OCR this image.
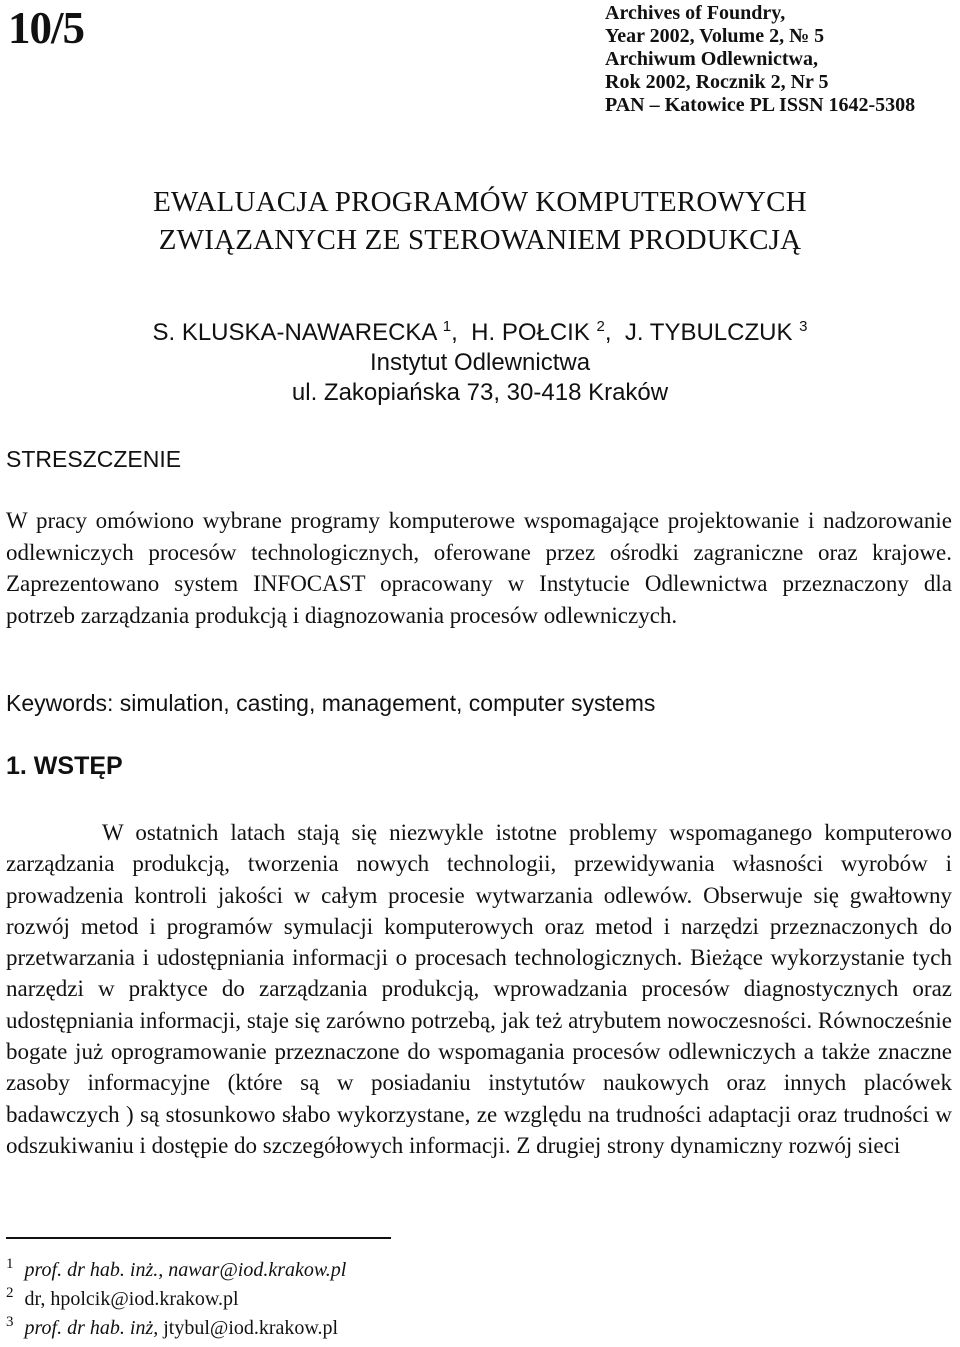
10/5	Archives of Foundry,
Year 2002, Volume 2, № 5
Archiwum Odlewnictwa,
Rok 2002, Rocznik 2, Nr 5
PAN – Katowice PL ISSN 1642-5308
EWALUACJA PROGRAMÓW KOMPUTEROWYCH
ZWIĄZANYCH ZE STEROWANIEM PRODUKCJĄ
S. KLUSKA-NAWARECKA $^1$,  H. POŁCIK $^2$,  J. TYBULCZUK $^3$
Instytut Odlewnictwa
ul. Zakopiańska 73, 30-418 Kraków
STRESZCZENIE

W pracy omówiono wybrane programy komputerowe wspomagające projektowanie i nadzorowanie odlewniczych procesów technologicznych, oferowane przez ośrodki zagraniczne oraz krajowe. Zaprezentowano system INFOCAST opracowany w Instytucie Odlewnictwa przeznaczony dla potrzeb zarządzania produkcją i diagnozowania procesów odlewniczych.

Keywords: simulation, casting, management, computer systems
1. WSTĘP

W ostatnich latach stają się niezwykle istotne problemy wspomaganego komputerowo zarządzania produkcją, tworzenia nowych technologii, przewidywania własności wyrobów i prowadzenia kontroli jakości w całym procesie wytwarzania odlewów. Obserwuje się gwałtowny rozwój metod i programów symulacji komputerowych oraz metod i narzędzi przeznaczonych do przetwarzania i udostępniania informacji o procesach technologicznych. Bieżące wykorzystanie tych narzędzi w praktyce do zarządzania produkcją, wprowadzania procesów diagnostycznych oraz udostępniania informacji, staje się zarówno potrzebą, jak też atrybutem nowoczesności. Równocześnie bogate już oprogramowanie przeznaczone do wspomagania procesów odlewniczych a także znaczne zasoby informacyjne (które są w posiadaniu instytutów naukowych oraz innych placówek badawczych ) są stosunkowo słabo wykorzystane, ze względu na trudności adaptacji oraz trudności w odszukiwaniu i dostępie do szczegółowych informacji. Z drugiej strony dynamiczny rozwój sieci

$^1$ prof. dr hab. inż., nawar@iod.krakow.pl
$^2$ dr, hpolcik@iod.krakow.pl
$^3$ prof. dr hab. inż, jtybul@iod.krakow.pl
